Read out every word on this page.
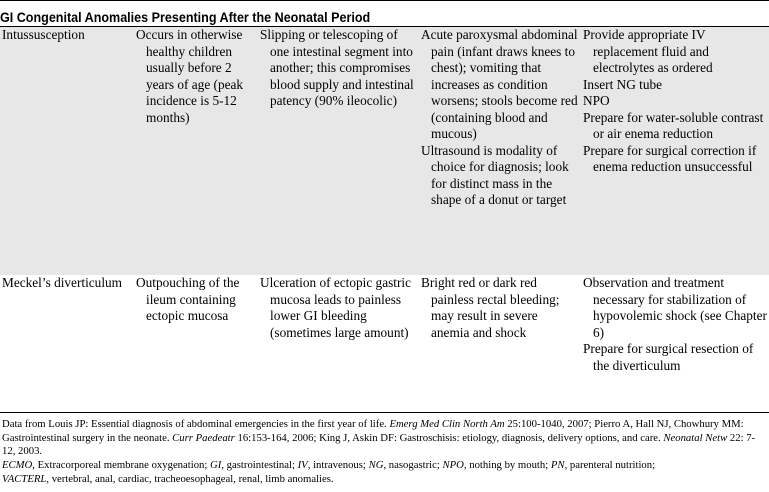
GI Congenital Anomalies Presenting After the Neonatal Period
Intussusception	Occurs in otherwise healthy children usually before 2 years of age (peak incidence is 5-12 months)

Slipping or telescoping of one intestinal segment into another; this compromises blood supply and intestinal patency (90% ileocolic)

Acute paroxysmal abdominal pain (infant draws knees to chest); vomiting that increases as condition worsens; stools become red (containing blood and mucous)

Ultrasound is modality of choice for diagnosis; look for distinct mass in the shape of a donut or target

Provide appropriate IV replacement fluid and electrolytes as ordered

Insert NG tube

NPO

Prepare for water-soluble contrast or air enema reduction

Prepare for surgical correction if enema reduction unsuccessful

Meckel’s diverticulum	Outpouching of the ileum containing ectopic mucosa

Ulceration of ectopic gastric mucosa leads to painless lower GI bleeding (sometimes large amount)

Bright red or dark red painless rectal bleeding; may result in severe anemia and shock

Observation and treatment necessary for stabilization of hypovolemic shock (see Chapter 6)

Prepare for surgical resection of the diverticulum

Data from Louis JP: Essential diagnosis of abdominal emergencies in the first year of life. Emerg Med Clin North Am 25:100-1040, 2007; Pierro A, Hall NJ, Chowhury MM: Gastrointestinal surgery in the neonate. Curr Paedeatr 16:153-164, 2006; King J, Askin DF: Gastroschisis: etiology, diagnosis, delivery options, and care. Neonatal Netw 22: 7-12, 2003.
ECMO, Extracorporeal membrane oxygenation; GI, gastrointestinal; IV, intravenous; NG, nasogastric; NPO, nothing by mouth; PN, parenteral nutrition;
VACTERL, vertebral, anal, cardiac, tracheoesophageal, renal, limb anomalies.
